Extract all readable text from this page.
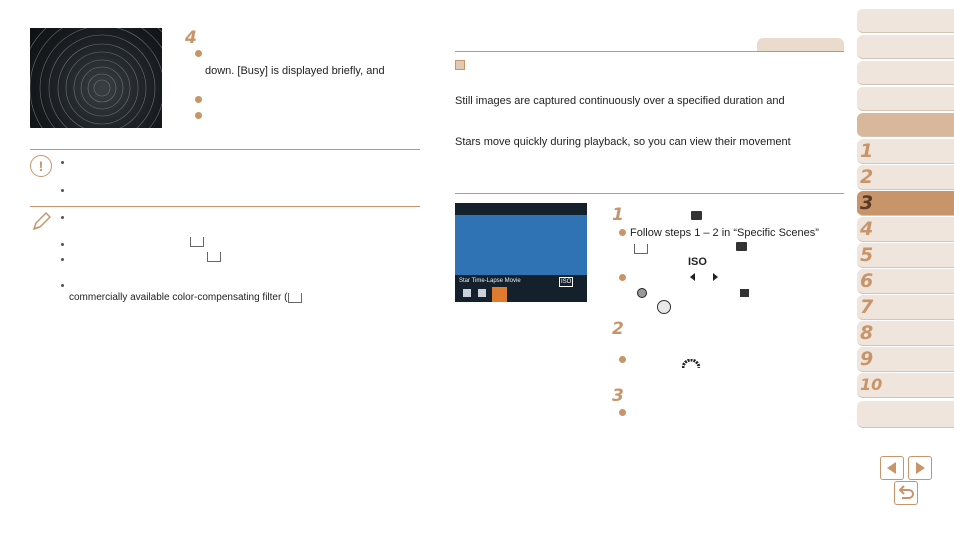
4
down. [Busy] is displayed briefly, and
!
commercially available color-compensating filter (
Still images are captured continuously over a specified duration and
Stars move quickly during playback, so you can view their movement
Star Time-Lapse Movie	ISO
1
Follow steps 1 – 2 in “Specific Scenes”
ISO
2
3
1
2
3
4
5
6
7
8
9
10
